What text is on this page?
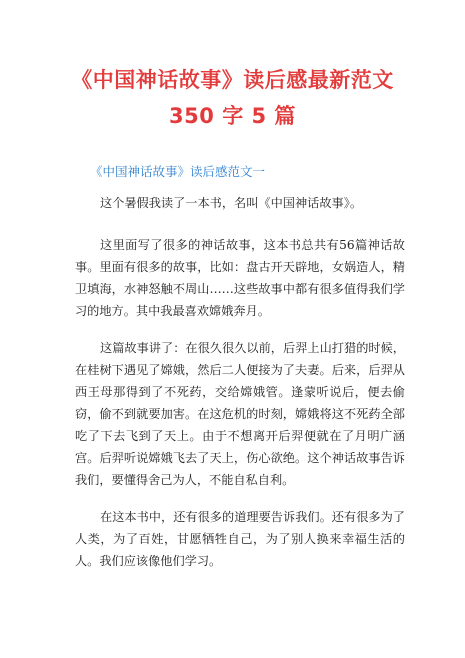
《中国神话故事》读后感最新范文
350 字 5 篇
《中国神话故事》读后感范文一

这个暑假我读了一本书，名叫《中国神话故事》。

这里面写了很多的神话故事，这本书总共有56篇神话故事。里面有很多的故事，比如：盘古开天辟地，女娲造人，精卫填海，水神怒触不周山……这些故事中都有很多值得我们学习的地方。其中我最喜欢嫦娥奔月。

这篇故事讲了：在很久很久以前，后羿上山打猎的时候，在桂树下遇见了嫦娥，然后二人便接为了夫妻。后来，后羿从西王母那得到了不死药，交给嫦娥管。逢蒙听说后，便去偷窃，偷不到就要加害。在这危机的时刻，嫦娥将这不死药全部吃了下去飞到了天上。由于不想离开后羿便就在了月明广涵宫。后羿听说嫦娥飞去了天上，伤心欲绝。这个神话故事告诉我们，要懂得舍己为人，不能自私自利。

在这本书中，还有很多的道理要告诉我们。还有很多为了人类，为了百姓，甘愿牺牲自己，为了别人换来幸福生活的人。我们应该像他们学习。
